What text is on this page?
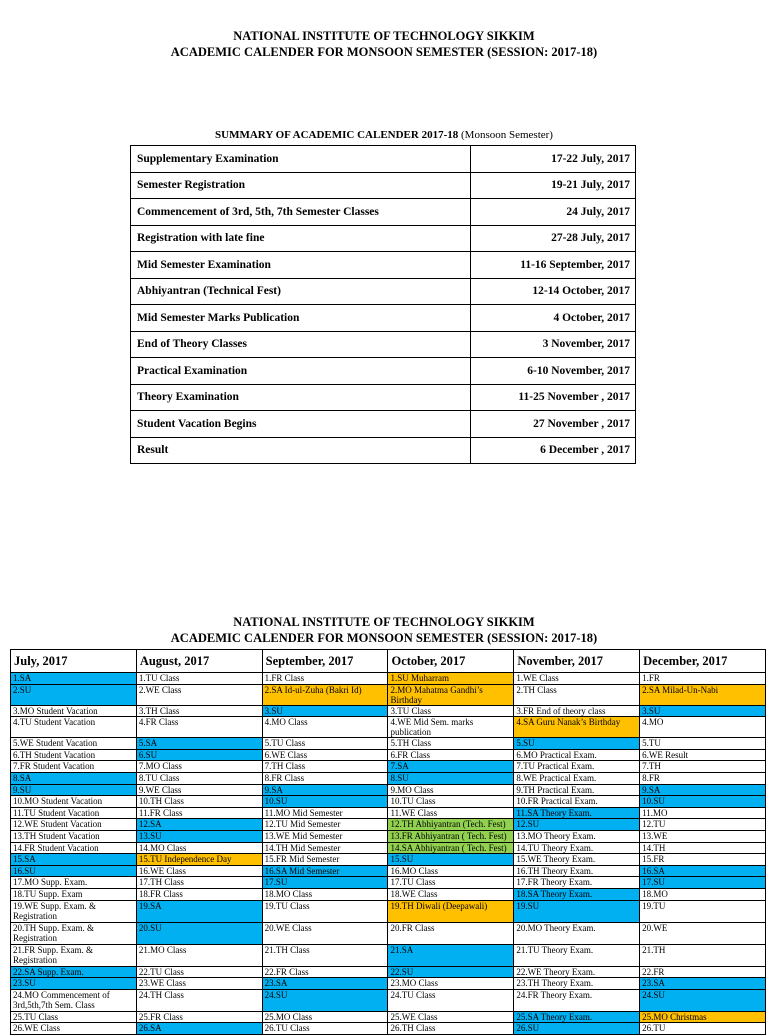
NATIONAL INSTITUTE OF TECHNOLOGY SIKKIM
ACADEMIC CALENDER FOR MONSOON SEMESTER (SESSION: 2017-18)
SUMMARY OF ACADEMIC CALENDER 2017-18 (Monsoon Semester)
Supplementary Examination	17-22 July, 2017
Semester Registration	19-21 July, 2017
Commencement of 3rd, 5th, 7th Semester Classes	24 July, 2017
Registration with late fine	27-28 July, 2017
Mid Semester Examination	11-16 September, 2017
Abhiyantran (Technical Fest)	12-14 October, 2017
Mid Semester Marks Publication	4 October, 2017
End of Theory Classes	3 November, 2017
Practical Examination	6-10 November, 2017
Theory Examination	11-25 November , 2017
Student Vacation Begins	27 November , 2017
Result	6 December , 2017
NATIONAL INSTITUTE OF TECHNOLOGY SIKKIM
ACADEMIC CALENDER FOR MONSOON SEMESTER (SESSION: 2017-18)
July, 2017	August, 2017	September, 2017	October, 2017	November, 2017	December, 2017
1.SA	1.TU Class	1.FR Class	1.SU Muharram	1.WE Class	1.FR
2.SU	2.WE Class	2.SA Id-ul-Zuha (Bakri Id)	2.MO Mahatma Gandhi’s Birthday	2.TH Class	2.SA Milad-Un-Nabi
3.MO Student Vacation	3.TH Class	3.SU	3.TU Class	3.FR End of theory class	3.SU
4.TU Student Vacation	4.FR Class	4.MO Class	4.WE Mid Sem. marks publication	4.SA Guru Nanak’s Birthday	4.MO
5.WE Student Vacation	5.SA	5.TU Class	5.TH Class	5.SU	5.TU
6.TH Student Vacation	6.SU	6.WE Class	6.FR Class	6.MO Practical Exam.	6.WE Result
7.FR Student Vacation	7.MO Class	7.TH Class	7.SA	7.TU Practical Exam.	7.TH
8.SA	8.TU Class	8.FR Class	8.SU	8.WE Practical Exam.	8.FR
9.SU	9.WE Class	9.SA	9.MO Class	9.TH Practical Exam.	9.SA
10.MO Student Vacation	10.TH Class	10.SU	10.TU Class	10.FR Practical Exam.	10.SU
11.TU Student Vacation	11.FR Class	11.MO Mid Semester	11.WE Class	11.SA Theory Exam.	11.MO
12.WE Student Vacation	12.SA	12.TU Mid Semester	12.TH Abhiyantran (Tech. Fest)	12.SU	12.TU
13.TH Student Vacation	13.SU	13.WE Mid Semester	13.FR Abhiyantran ( Tech. Fest)	13.MO Theory Exam.	13.WE
14.FR Student Vacation	14.MO Class	14.TH Mid Semester	14.SA Abhiyantran ( Tech. Fest)	14.TU Theory Exam.	14.TH
15.SA	15.TU Independence Day	15.FR Mid Semester	15.SU	15.WE Theory Exam.	15.FR
16.SU	16.WE Class	16.SA Mid Semester	16.MO Class	16.TH Theory Exam.	16.SA
17.MO Supp. Exam.	17.TH Class	17.SU	17.TU Class	17.FR Theory Exam.	17.SU
18.TU Supp. Exam	18.FR Class	18.MO Class	18.WE Class	18.SA Theory Exam.	18.MO
19.WE Supp. Exam. & Registration	19.SA	19.TU Class	19.TH Diwali (Deepawali)	19.SU	19.TU
20.TH Supp. Exam. & Registration	20.SU	20.WE Class	20.FR Class	20.MO Theory Exam.	20.WE
21.FR Supp. Exam. & Registration	21.MO Class	21.TH Class	21.SA	21.TU Theory Exam.	21.TH
22.SA Supp. Exam.	22.TU Class	22.FR Class	22.SU	22.WE Theory Exam.	22.FR
23.SU	23.WE Class	23.SA	23.MO Class	23.TH Theory Exam.	23.SA
24.MO Commencement of 3rd,5th,7th Sem. Class	24.TH Class	24.SU	24.TU Class	24.FR Theory Exam.	24.SU
25.TU Class	25.FR Class	25.MO Class	25.WE Class	25.SA Theory Exam.	25.MO Christmas
26.WE Class	26.SA	26.TU Class	26.TH Class	26.SU	26.TU
